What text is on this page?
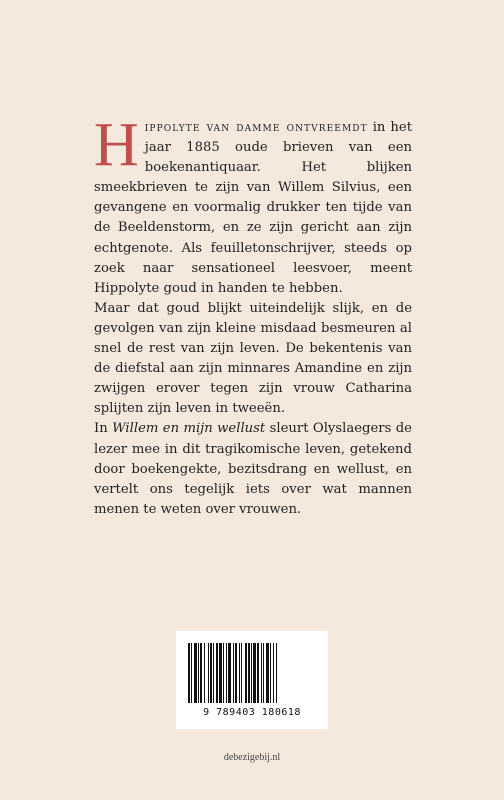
Hippolyte van damme ontvreemdt in het jaar 1885 oude brieven van een boekenantiquaar. Het blijken smeekbrieven te zijn van Willem Silvius, een gevangene en voormalig drukker ten tijde van de Beeldenstorm, en ze zijn gericht aan zijn echtgenote. Als feuilletonschrijver, steeds op zoek naar sensationeel leesvoer, meent Hippolyte goud in handen te hebben.

Maar dat goud blijkt uiteindelijk slijk, en de gevolgen van zijn kleine misdaad besmeuren al snel de rest van zijn leven. De bekentenis van de diefstal aan zijn minnares Amandine en zijn zwijgen erover tegen zijn vrouw Catharina splijten zijn leven in tweeën.

In Willem en mijn wellust sleurt Olyslaegers de lezer mee in dit tragikomische leven, getekend door boekengekte, bezitsdrang en wellust, en vertelt ons tegelijk iets over wat mannen menen te weten over vrouwen.

9 789403 180618
debezigebij.nl
